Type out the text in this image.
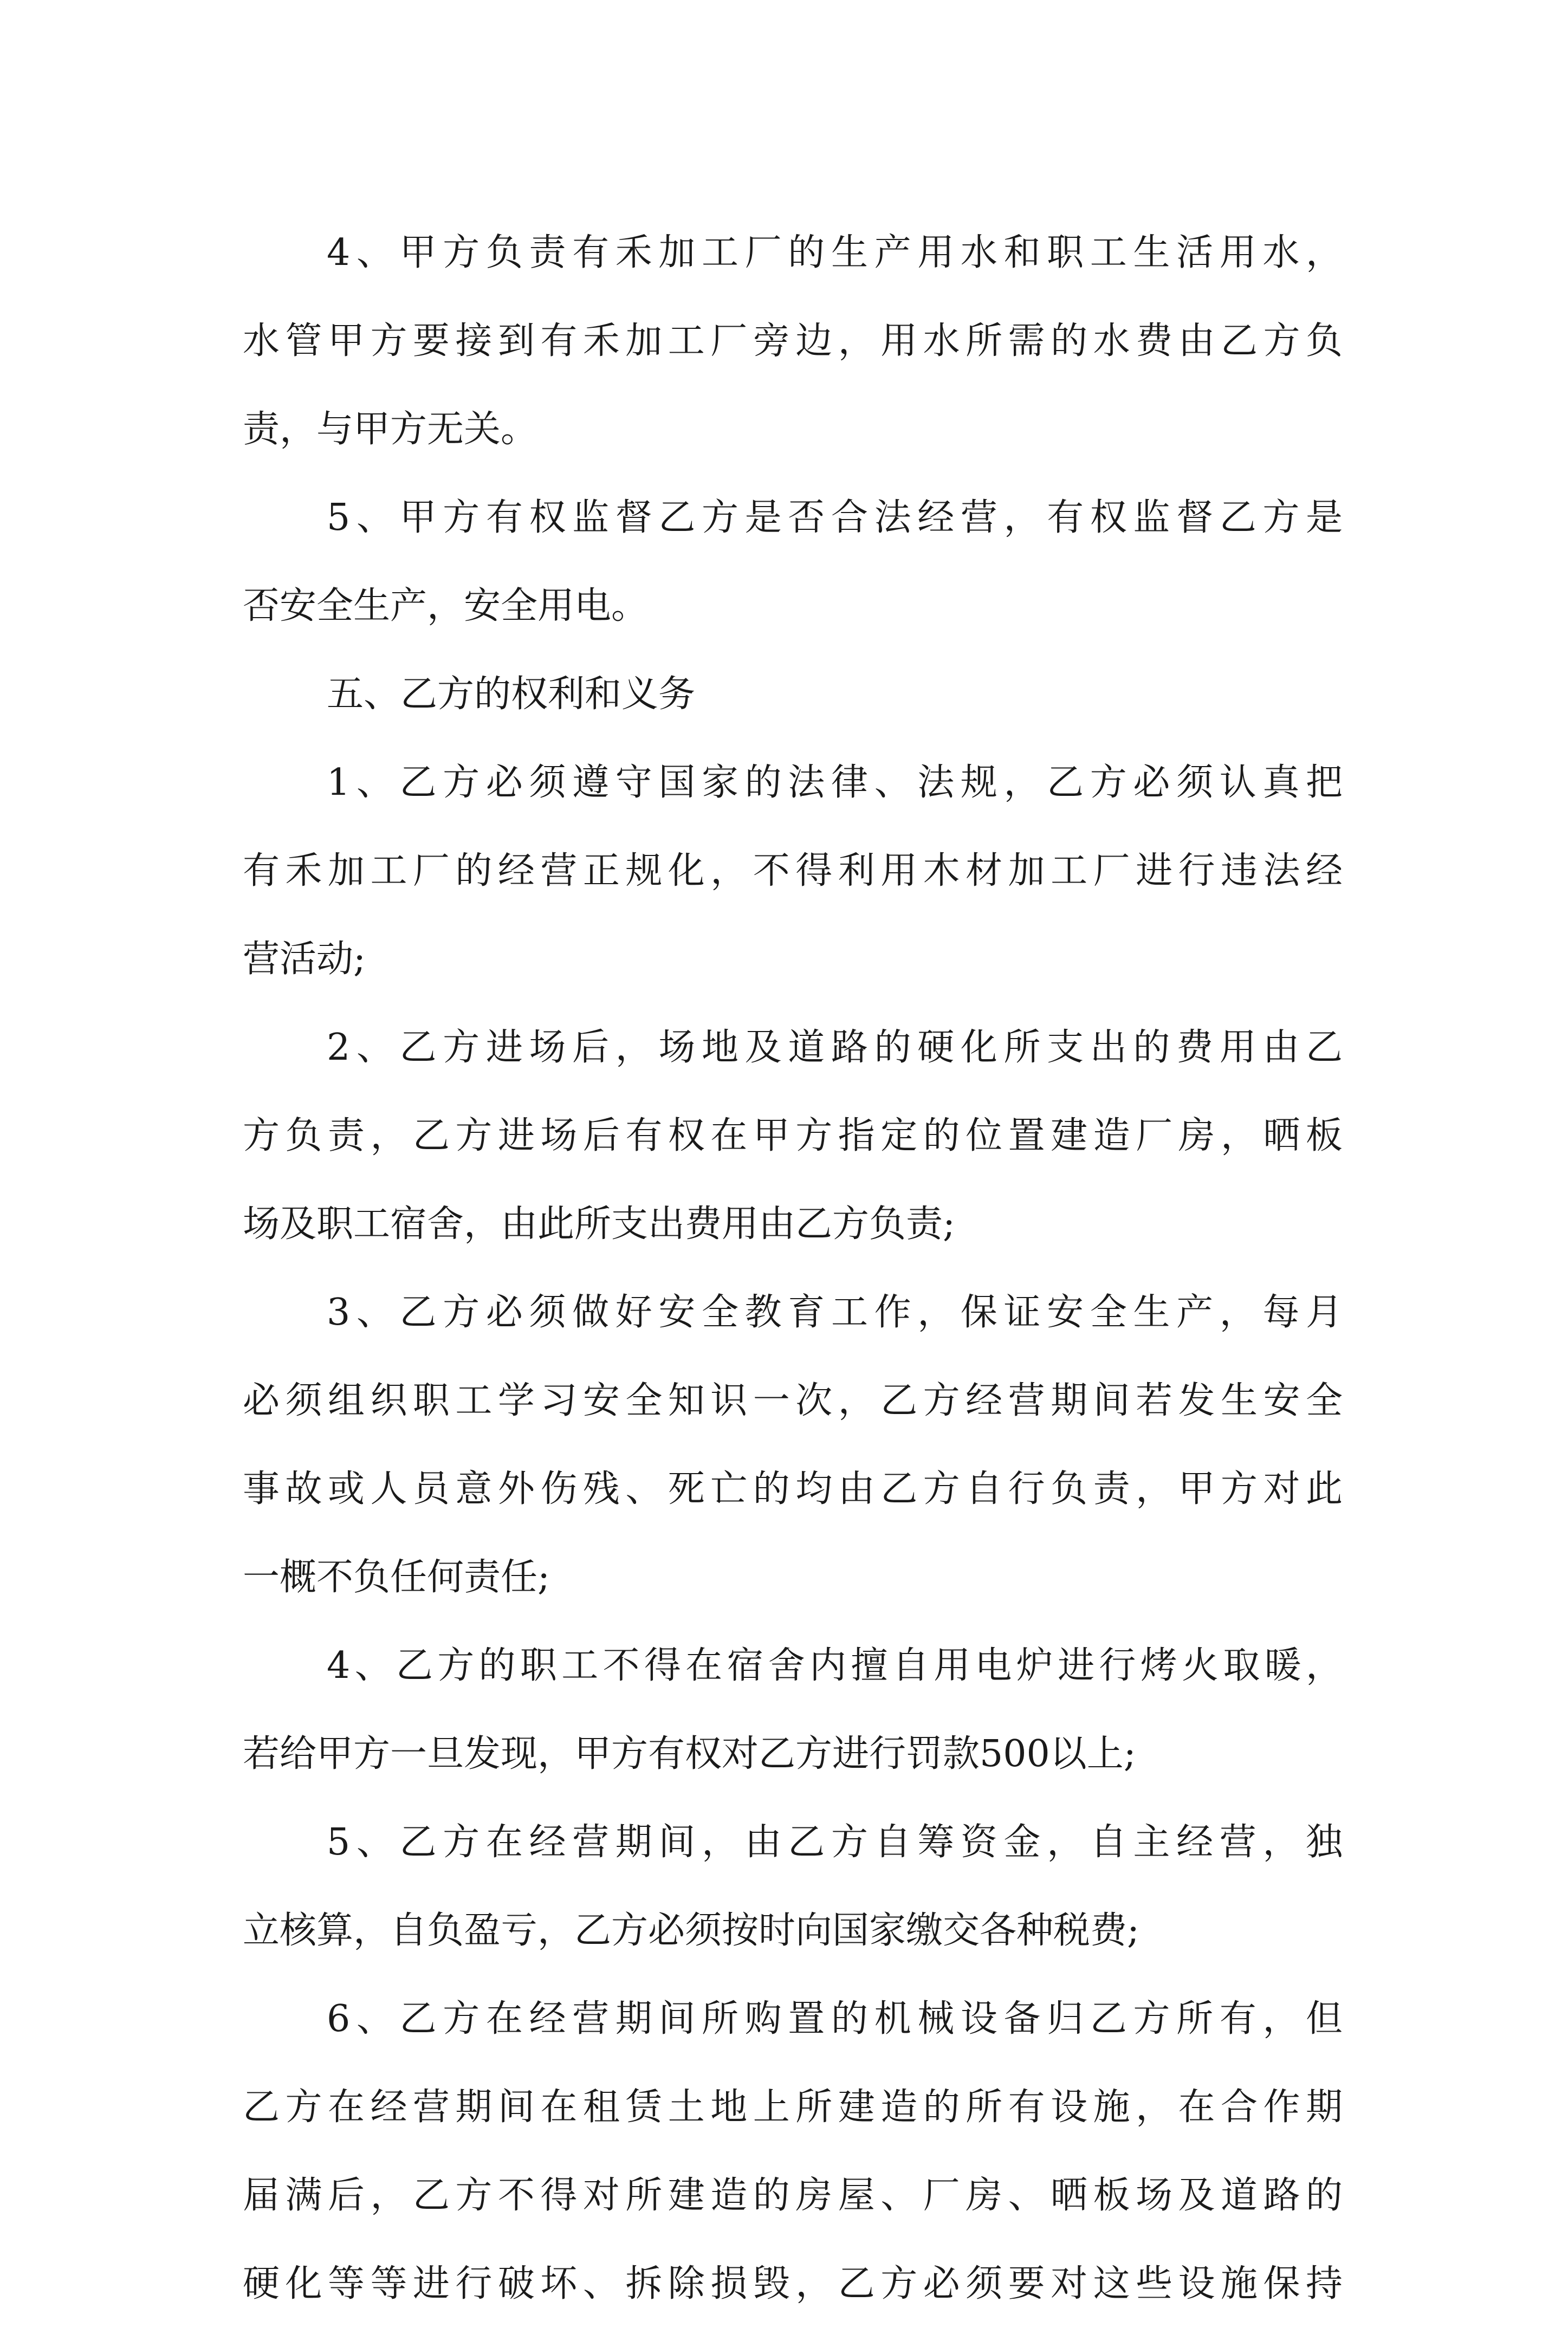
4、甲方负责有禾加工厂的生产用水和职工生活用水，
水管甲方要接到有禾加工厂旁边，用水所需的水费由乙方负
责，与甲方无关。
5、甲方有权监督乙方是否合法经营，有权监督乙方是
否安全生产，安全用电。
五、乙方的权利和义务
1、乙方必须遵守国家的法律、法规，乙方必须认真把
有禾加工厂的经营正规化，不得利用木材加工厂进行违法经
营活动;
2、乙方进场后，场地及道路的硬化所支出的费用由乙
方负责，乙方进场后有权在甲方指定的位置建造厂房，晒板
场及职工宿舍，由此所支出费用由乙方负责;
3、乙方必须做好安全教育工作，保证安全生产，每月
必须组织职工学习安全知识一次，乙方经营期间若发生安全
事故或人员意外伤残、死亡的均由乙方自行负责，甲方对此
一概不负任何责任;
4、乙方的职工不得在宿舍内擅自用电炉进行烤火取暖，
若给甲方一旦发现，甲方有权对乙方进行罚款500以上;
5、乙方在经营期间，由乙方自筹资金，自主经营，独
立核算，自负盈亏，乙方必须按时向国家缴交各种税费;
6、乙方在经营期间所购置的机械设备归乙方所有，但
乙方在经营期间在租赁土地上所建造的所有设施，在合作期
届满后，乙方不得对所建造的房屋、厂房、晒板场及道路的
硬化等等进行破坏、拆除损毁，乙方必须要对这些设施保持
